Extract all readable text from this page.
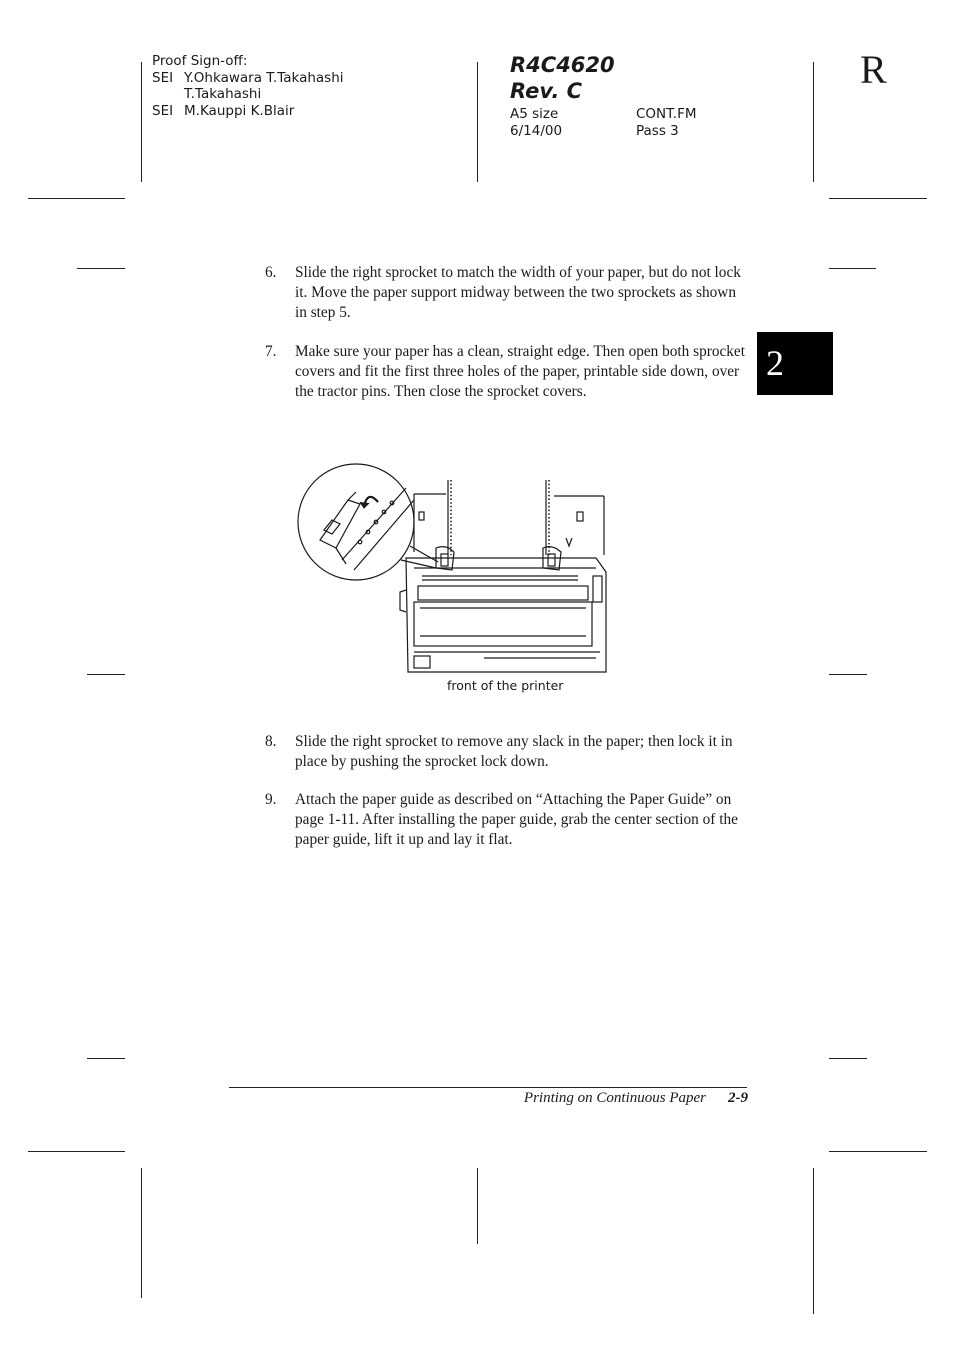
Proof Sign-off:
SEI Y.Ohkawara T.Takahashi
T.Takahashi
SEI M.Kauppi K.Blair
R4C4620
Rev. C
A5 size	CONT.FM
6/14/00	Pass 3
R
2
6. Slide the right sprocket to match the width of your paper, but do not lock it. Move the paper support midway between the two sprockets as shown in step 5.
7. Make sure your paper has a clean, straight edge. Then open both sprocket covers and fit the first three holes of the paper, printable side down, over the tractor pins. Then close the sprocket covers.
front of the printer
8. Slide the right sprocket to remove any slack in the paper; then lock it in place by pushing the sprocket lock down.
9. Attach the paper guide as described on “Attaching the Paper Guide” on page 1-11. After installing the paper guide, grab the center section of the paper guide, lift it up and lay it flat.
Printing on Continuous Paper 2-9
